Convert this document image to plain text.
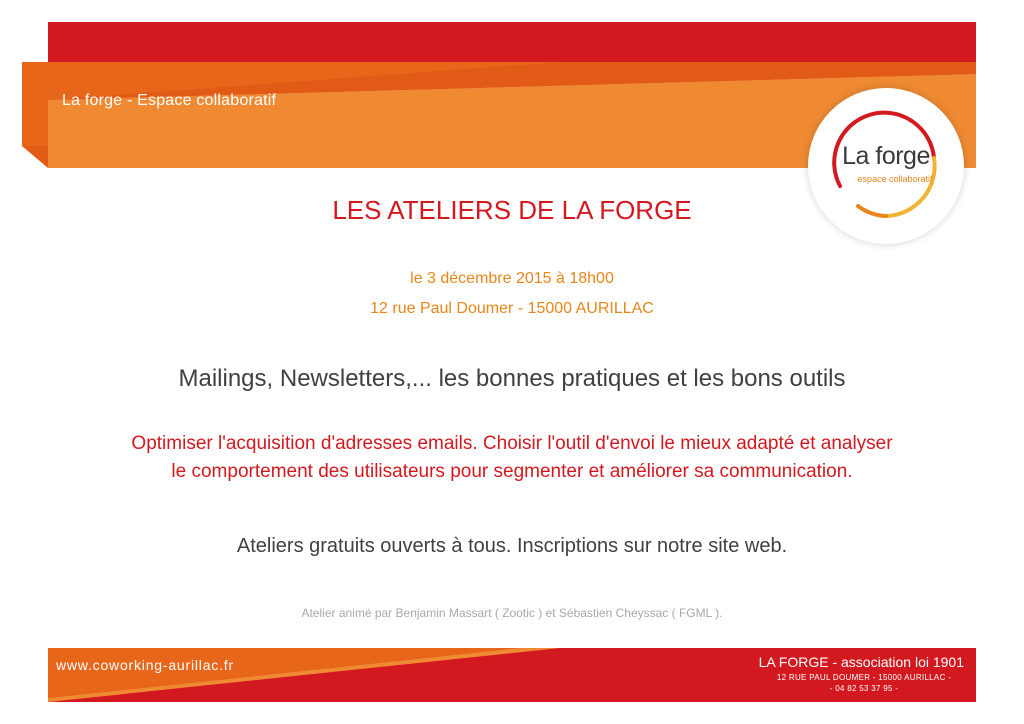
La forge - Espace collaboratif
La forge
espace collaboratif
LES ATELIERS DE LA FORGE
le 3 décembre 2015 à 18h00
12 rue Paul Doumer - 15000 AURILLAC
Mailings, Newsletters,... les bonnes pratiques et les bons outils
Optimiser l'acquisition d'adresses emails. Choisir l'outil d'envoi le mieux adapté et analyser
le comportement des utilisateurs pour segmenter et améliorer sa communication.
Ateliers gratuits ouverts à tous. Inscriptions sur notre site web.
Atelier animé par Benjamin Massart ( Zootic ) et Sébastien Cheyssac ( FGML ).
www.coworking-aurillac.fr	LA FORGE - association loi 1901
12 RUE PAUL DOUMER - 15000 AURILLAC -
- 04 82 53 37 95 -
